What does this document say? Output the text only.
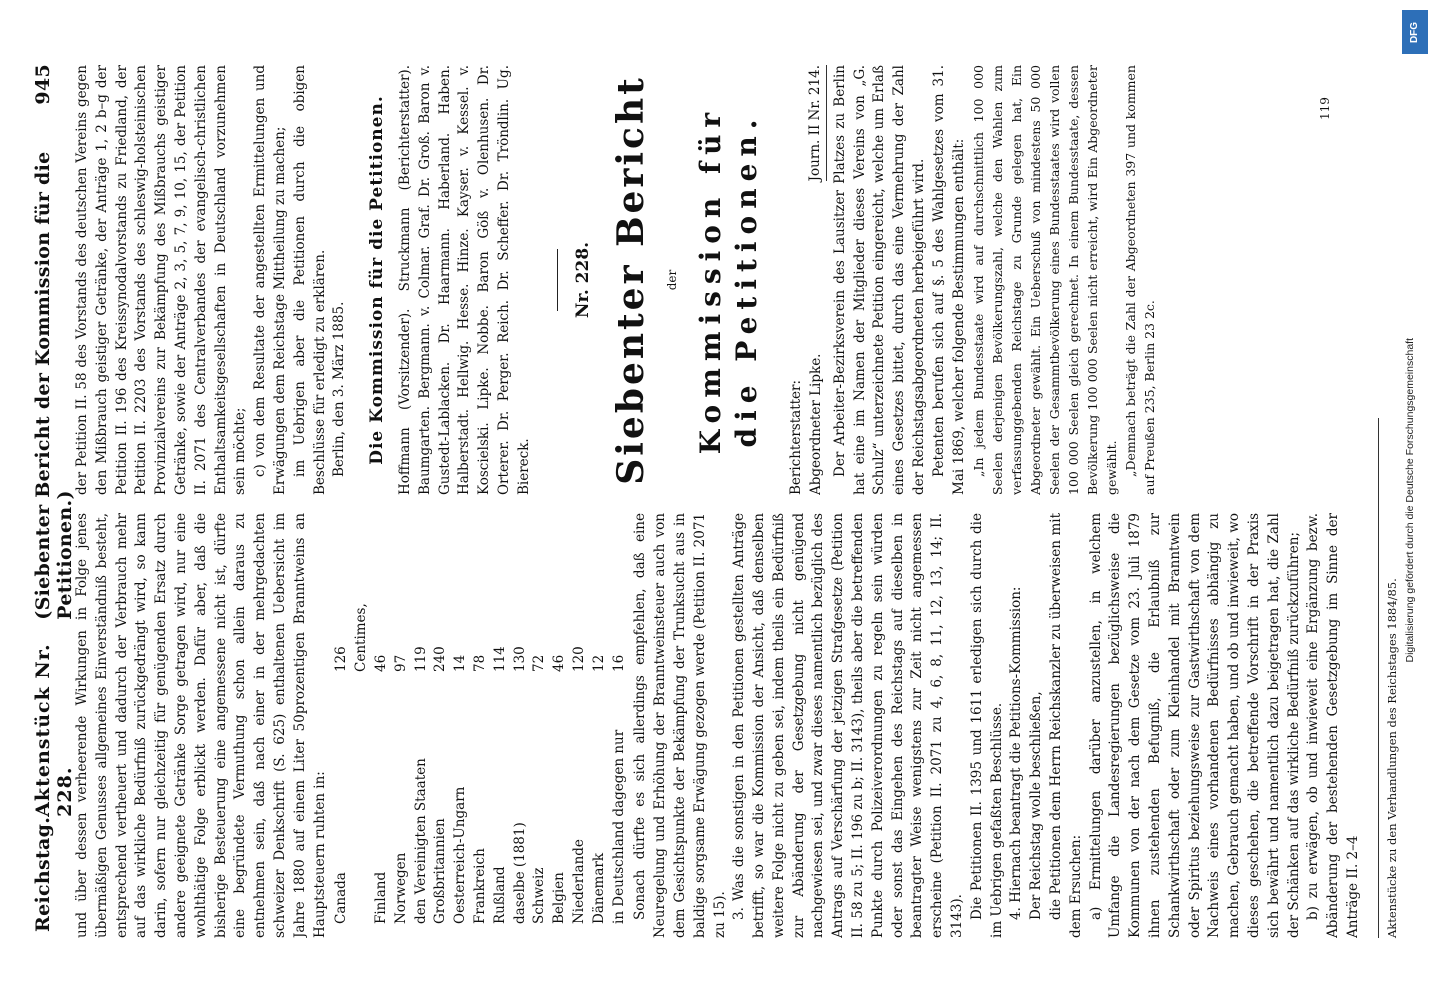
Reichstag.
Aktenstück Nr. 228.
(Siebenter Bericht der Kommission für die Petitionen.)
945

und über dessen verheerende Wirkungen in Folge jenes übermäßigen Genusses allgemeines Einverständniß besteht, entsprechend vertheuert und dadurch der Verbrauch mehr auf das wirkliche Bedürfniß zurückgedrängt wird, so kann darin, sofern nur gleichzeitig für genügenden Ersatz durch andere geeignete Getränke Sorge getragen wird, nur eine wohlthätige Folge erblickt werden. Dafür aber, daß die bisherige Besteuerung eine angemessene nicht ist, dürfte eine begründete Vermuthung schon allein daraus zu entnehmen sein, daß nach einer in der mehrgedachten schweizer Denkschrift (S. 625) enthaltenen Uebersicht im Jahre 1880 auf einem Liter 50prozentigen Branntweins an Hauptsteuern ruhten in: Canada
126 Centimes,
Finland
46
Norwegen
97
den Vereinigten Staaten
119
Großbritannien
240
Oesterreich-Ungarn
14
Frankreich
78
Rußland
114
daselbe (1881)
130
Schweiz
72
Belgien
46
Niederlande
120
Dänemark
12
in Deutschland dagegen nur
16 Sonach dürfte es sich allerdings empfehlen, daß eine Neuregelung und Erhöhung der Branntweinsteuer auch von dem Gesichtspunkte der Bekämpfung der Trunksucht aus in baldige sorgsame Erwägung gezogen werde (Petition II. 2071 zu 15). 3. Was die sonstigen in den Petitionen gestellten Anträge betrifft, so war die Kommission der Ansicht, daß denselben weitere Folge nicht zu geben sei, indem theils ein Bedürfniß zur Abänderung der Gesetzgebung nicht genügend nachgewiesen sei, und zwar dieses namentlich bezüglich des Antrags auf Verschärfung der jetzigen Strafgesetze (Petition II. 58 zu 5; II. 196 zu b; II. 3143), theils aber die betreffenden Punkte durch Polizeiverordnungen zu regeln sein würden oder sonst das Eingehen des Reichstags auf dieselben in beantragter Weise wenigstens zur Zeit nicht angemessen erscheine (Petition II. 2071 zu 4, 6, 8, 11, 12, 13, 14; II. 3143). Die Petitionen II. 1395 und 1611 erledigen sich durch die im Uebrigen gefaßten Beschlüsse. 4. Hiernach beantragt die Petitions-Kommission: Der Reichstag wolle beschließen, die Petitionen dem Herrn Reichskanzler zu überweisen mit dem Ersuchen: a) Ermittelungen darüber anzustellen, in welchem Umfange die Landesregierungen bezüglichsweise die Kommunen von der nach dem Gesetze vom 23. Juli 1879 ihnen zustehenden Befugniß, die Erlaubniß zur Schankwirthschaft oder zum Kleinhandel mit Branntwein oder Spiritus beziehungsweise zur Gastwirthschaft von dem Nachweis eines vorhandenen Bedürfnisses abhängig zu machen, Gebrauch gemacht haben, und ob und inwieweit, wo dieses geschehen, die betreffende Vorschrift in der Praxis sich bewährt und namentlich dazu beigetragen hat, die Zahl der Schänken auf das wirkliche Bedürfniß zurückzuführen; b) zu erwägen, ob und inwieweit eine Ergänzung bezw. Abänderung der bestehenden Gesetzgebung im Sinne der Anträge II. 2–4

der Petition II. 58 des Vorstands des deutschen Vereins gegen den Mißbrauch geistiger Getränke, der Anträge 1, 2 b–g der Petition II. 196 des Kreissynodalvorstands zu Friedland, der Petition II. 2203 des Vorstands des schleswig-holsteinischen Provinzialvereins zur Bekämpfung des Mißbrauchs geistiger Getränke, sowie der Anträge 2, 3, 5, 7, 9, 10, 15, der Petition II. 2071 des Centralverbandes der evangelisch-christlichen Enthaltsamkeitsgesellschaften in Deutschland vorzunehmen sein möchte; c) von dem Resultate der angestellten Ermittelungen und Erwägungen dem Reichstage Mittheilung zu machen; im Uebrigen aber die Petitionen durch die obigen Beschlüsse für erledigt zu erklären. Berlin, den 3. März 1885. Die Kommission für die Petitionen. Hoffmann (Vorsitzender). Struckmann (Berichterstatter). Baumgarten. Bergmann. v. Colmar. Graf. Dr. Groß. Baron v. Gustedt-Lablacken. Dr. Haarmann. Haberland. Haben. Halberstadt. Hellwig. Hesse. Hinze. Kayser. v. Kessel. v. Koscielski. Lipke. Nobbe. Baron Göß v. Olenhusen. Dr. Orterer. Dr. Perger. Reich. Dr. Scheffer. Dr. Tröndlin. Ug. Biereck.

Nr. 228. Siebenter Bericht der Kommission für die Petitionen. Berichterstatter: Abgeordneter Lipke.
Journ. II Nr. 214. Der Arbeiter-Bezirksverein des Lausitzer Platzes zu Berlin hat eine im Namen der Mitglieder dieses Vereins von „G. Schulz“ unterzeichnete Petition eingereicht, welche um Erlaß eines Gesetzes bittet, durch das eine Vermehrung der Zahl der Reichstagsabgeordneten herbeigeführt wird. Petenten berufen sich auf §. 5 des Wahlgesetzes vom 31. Mai 1869, welcher folgende Bestimmungen enthält: „In jedem Bundesstaate wird auf durchschnittlich 100 000 Seelen derjenigen Bevölkerungszahl, welche den Wahlen zum verfassunggebenden Reichstage zu Grunde gelegen hat, Ein Abgeordneter gewählt. Ein Ueberschuß von mindestens 50 000 Seelen der Gesammtbevölkerung eines Bundesstaates wird vollen 100 000 Seelen gleich gerechnet. In einem Bundesstaate, dessen Bevölkerung 100 000 Seelen nicht erreicht, wird Ein Abgeordneter gewählt. „Demnach beträgt die Zahl der Abgeordneten 397 und kommen auf Preußen 235, Berlin 23 2c.

119
Aktenstücke zu den Verhandlungen des Reichstages 1884/85.
Digitalisierung gefördert durch die Deutsche Forschungsgemeinschaft
DFG
